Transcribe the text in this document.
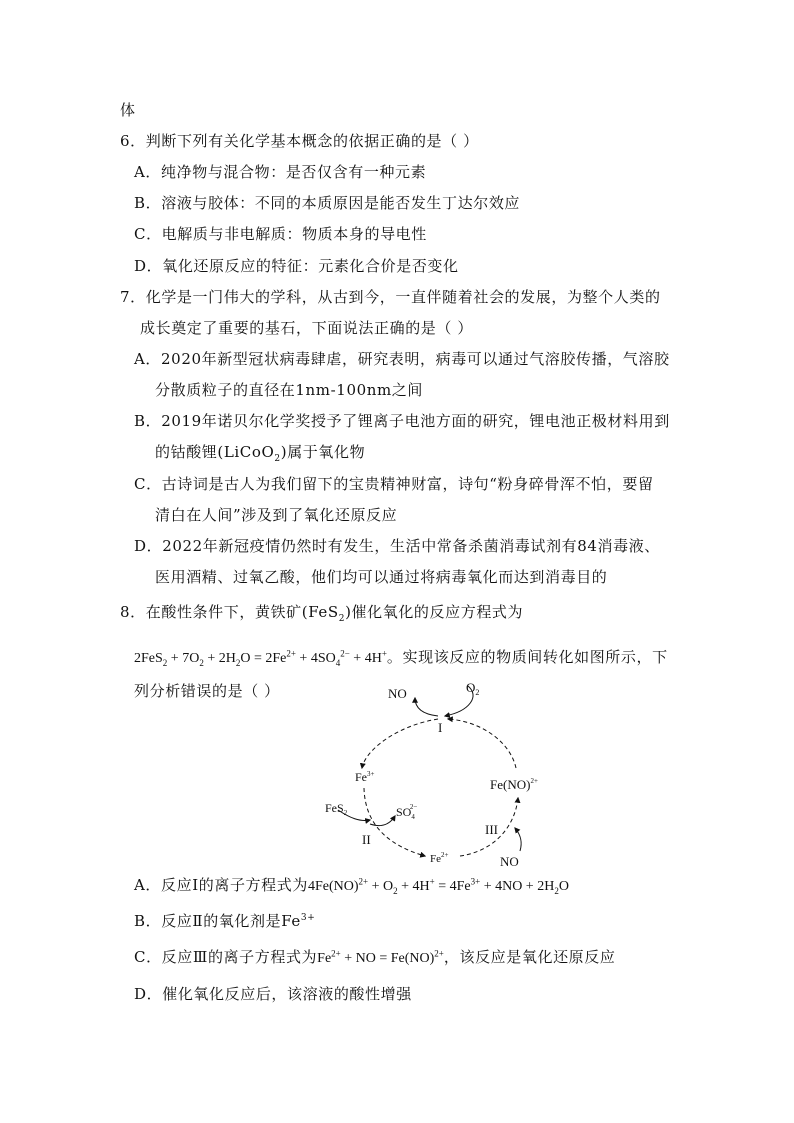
体
6．判断下列有关化学基本概念的依据正确的是（ ）
A．纯净物与混合物：是否仅含有一种元素
B．溶液与胶体：不同的本质原因是能否发生丁达尔效应
C．电解质与非电解质：物质本身的导电性
D．氧化还原反应的特征：元素化合价是否变化
7．化学是一门伟大的学科，从古到今，一直伴随着社会的发展，为整个人类的
成长奠定了重要的基石，下面说法正确的是（ ）
A．2020年新型冠状病毒肆虐，研究表明，病毒可以通过气溶胶传播，气溶胶
分散质粒子的直径在1nm-100nm之间
B．2019年诺贝尔化学奖授予了锂离子电池方面的研究，锂电池正极材料用到
的钴酸锂(LiCoO$_2$)属于氧化物
C．古诗词是古人为我们留下的宝贵精神财富，诗句“粉身碎骨浑不怕，要留
清白在人间”涉及到了氧化还原反应
D．2022年新冠疫情仍然时有发生，生活中常备杀菌消毒试剂有84消毒液、
医用酒精、过氧乙酸，他们均可以通过将病毒氧化而达到消毒目的
8．在酸性条件下，黄铁矿(FeS$_2$)催化氧化的反应方程式为
$2FeS_2 + 7O_2 + 2H_2O = 2Fe^{2+} + 4SO_4^{2-} + 4H^+$。实现该反应的物质间转化如图所示，下
列分析错误的是（ ）	NO	$O_2$
I
$Fe^{3+}$
Fe(NO)$^{2+}$
FeS$_2$	$SO_42-$
II
III
$Fe^{2+}$	NO
A．反应Ⅰ的离子方程式为$4Fe(NO)^{2+} + O_2 + 4H^+ = 4Fe^{3+} + 4NO + 2H_2O$
B．反应Ⅱ的氧化剂是$Fe^{3+}$
C．反应Ⅲ的离子方程式为$Fe^{2+}$ + NO = Fe(NO)$^{2+}$，该反应是氧化还原反应
D．催化氧化反应后，该溶液的酸性增强
